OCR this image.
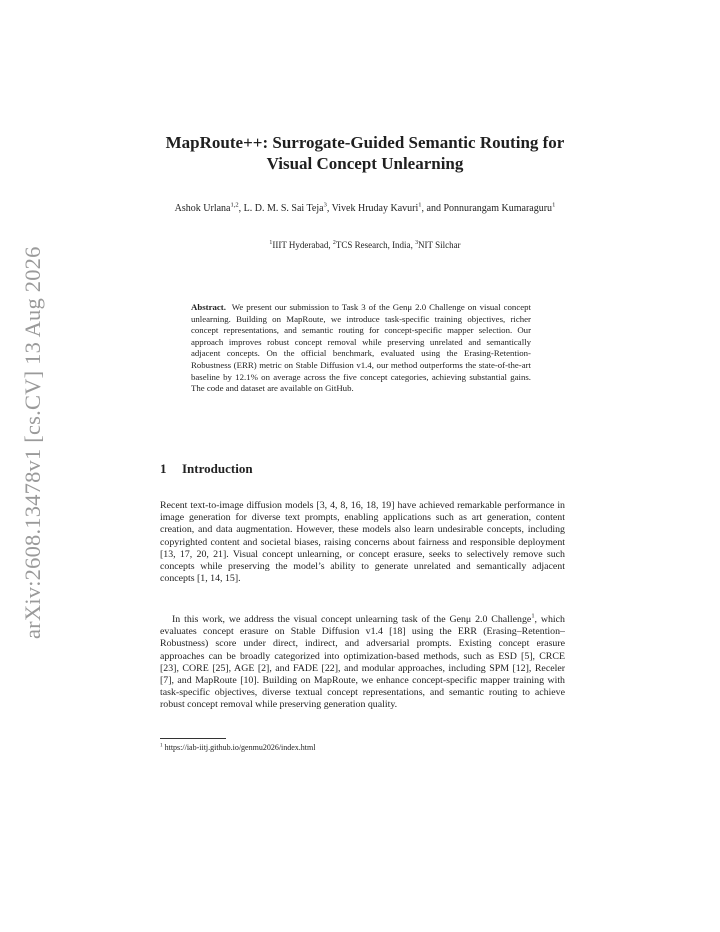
arXiv:2608.13478v1 [cs.CV] 13 Aug 2026
MapRoute++: Surrogate-Guided Semantic Routing for Visual Concept Unlearning
Ashok Urlana$^{1,2}$, L. D. M. S. Sai Teja$^3$, Vivek Hruday Kavuri$^1$, and Ponnurangam Kumaraguru$^1$
$^1$IIIT Hyderabad, $^2$TCS Research, India, $^3$NIT Silchar
Abstract. We present our submission to Task 3 of the Genμ 2.0 Challenge on visual concept unlearning. Building on MapRoute, we introduce task-specific training objectives, richer concept representations, and semantic routing for concept-specific mapper selection. Our approach improves robust concept removal while preserving unrelated and semantically adjacent concepts. On the official benchmark, evaluated using the Erasing-Retention-Robustness (ERR) metric on Stable Diffusion v1.4, our method outperforms the state-of-the-art baseline by 12.1% on average across the five concept categories, achieving substantial gains. The code and dataset are available on GitHub.
1 Introduction
Recent text-to-image diffusion models [3, 4, 8, 16, 18, 19] have achieved remarkable performance in image generation for diverse text prompts, enabling applications such as art generation, content creation, and data augmentation. However, these models also learn undesirable concepts, including copyrighted content and societal biases, raising concerns about fairness and responsible deployment [13, 17, 20, 21]. Visual concept unlearning, or concept erasure, seeks to selectively remove such concepts while preserving the model’s ability to generate unrelated and semantically adjacent concepts [1, 14, 15].
In this work, we address the visual concept unlearning task of the Genμ 2.0 Challenge$^1$, which evaluates concept erasure on Stable Diffusion v1.4 [18] using the ERR (Erasing–Retention–Robustness) score under direct, indirect, and adversarial prompts. Existing concept erasure approaches can be broadly categorized into optimization-based methods, such as ESD [5], CRCE [23], CORE [25], AGE [2], and FADE [22], and modular approaches, including SPM [12], Receler [7], and MapRoute [10]. Building on MapRoute, we enhance concept-specific mapper training with task-specific objectives, diverse textual concept representations, and semantic routing to achieve robust concept removal while preserving generation quality.
$^1$ https://iab-iitj.github.io/genmu2026/index.html
